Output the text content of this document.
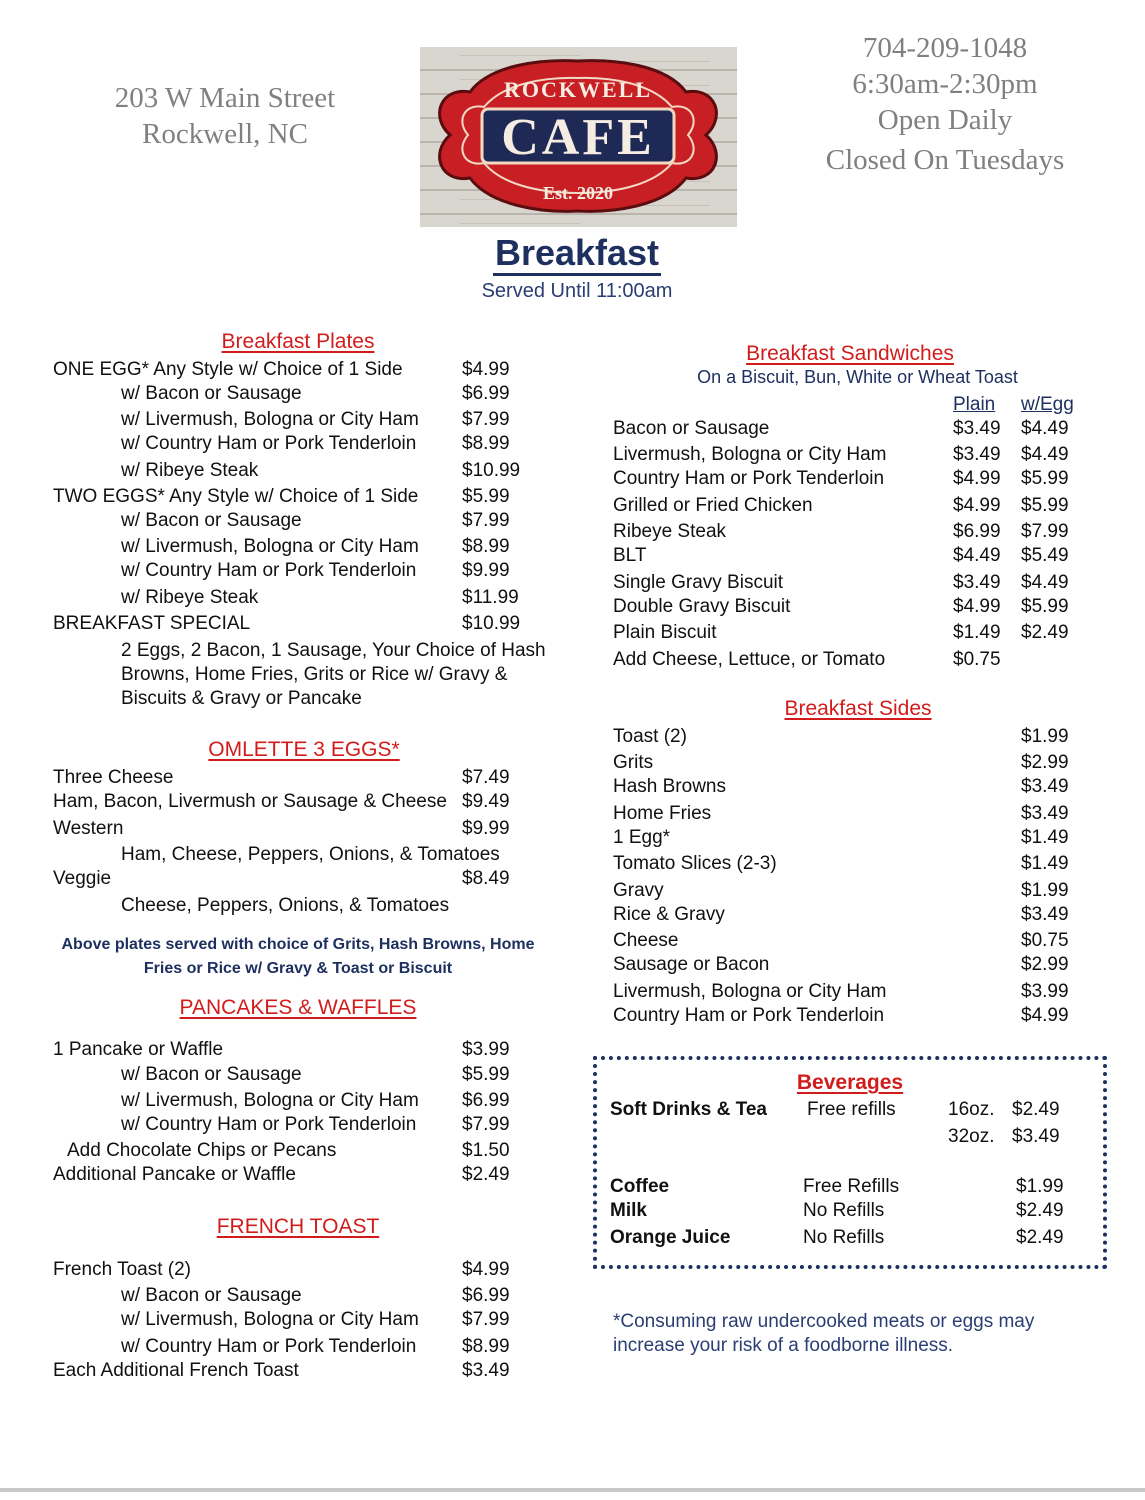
203 W Main Street
Rockwell, NC	CAFE
ROCKWELL
Est. 2020
704-209-1048
6:30am-2:30pm
Open Daily
Closed On Tuesdays
Breakfast
Served Until 11:00am
Breakfast Plates
ONE EGG* Any Style w/ Choice of 1 Side	$4.99
w/ Bacon or Sausage	$6.99
w/ Livermush, Bologna or City Ham $7.99
w/ Country Ham or Pork Tenderloin $8.99
w/ Ribeye Steak	$10.99
TWO EGGS* Any Style w/ Choice of 1 Side $5.99
w/ Bacon or Sausage	$7.99
w/ Livermush, Bologna or City Ham $8.99
w/ Country Ham or Pork Tenderloin $9.99
w/ Ribeye Steak	$11.99
BREAKFAST SPECIAL	$10.99
2 Eggs, 2 Bacon, 1 Sausage, Your Choice of Hash
Browns, Home Fries, Grits or Rice w/ Gravy &
Biscuits & Gravy or Pancake
OMLETTE 3 EGGS*
Three Cheese	$7.49
Ham, Bacon, Livermush or Sausage & Cheese $9.49
Western	$9.99
Ham, Cheese, Peppers, Onions, & Tomatoes
Veggie	$8.49
Cheese, Peppers, Onions, & Tomatoes
Above plates served with choice of Grits, Hash Browns, Home
Fries or Rice w/ Gravy & Toast or Biscuit
PANCAKES & WAFFLES
1 Pancake or Waffle	$3.99
w/ Bacon or Sausage	$5.99
w/ Livermush, Bologna or City Ham $6.99
w/ Country Ham or Pork Tenderloin $7.99
Add Chocolate Chips or Pecans	$1.50
Additional Pancake or Waffle	$2.49
FRENCH TOAST
French Toast (2)	$4.99
w/ Bacon or Sausage	$6.99
w/ Livermush, Bologna or City Ham $7.99
w/ Country Ham or Pork Tenderloin $8.99
Each Additional French Toast	$3.49
Breakfast Sandwiches
On a Biscuit, Bun, White or Wheat Toast
Plain w/Egg
Bacon or Sausage	$3.49 $4.49
Livermush, Bologna or City Ham	$3.49 $4.49
Country Ham or Pork Tenderloin	$4.99 $5.99
Grilled or Fried Chicken	$4.99 $5.99
Ribeye Steak	$6.99 $7.99
BLT	$4.49 $5.49
Single Gravy Biscuit	$3.49 $4.49
Double Gravy Biscuit	$4.99 $5.99
Plain Biscuit	$1.49 $2.49
Add Cheese, Lettuce, or Tomato	$0.75
Breakfast Sides
Toast (2)	$1.99
Grits	$2.99
Hash Browns	$3.49
Home Fries	$3.49
1 Egg*	$1.49
Tomato Slices (2-3)	$1.49
Gravy	$1.99
Rice & Gravy	$3.49
Cheese	$0.75
Sausage or Bacon	$2.99
Livermush, Bologna or City Ham	$3.99
Country Ham or Pork Tenderloin	$4.99
Beverages
Soft Drinks & Tea Free refills	16oz. $2.49
32oz. $3.49
Coffee	Free Refills	$1.99
Milk	No Refills	$2.49
Orange Juice	No Refills	$2.49
*Consuming raw undercooked meats or eggs may
increase your risk of a foodborne illness.
